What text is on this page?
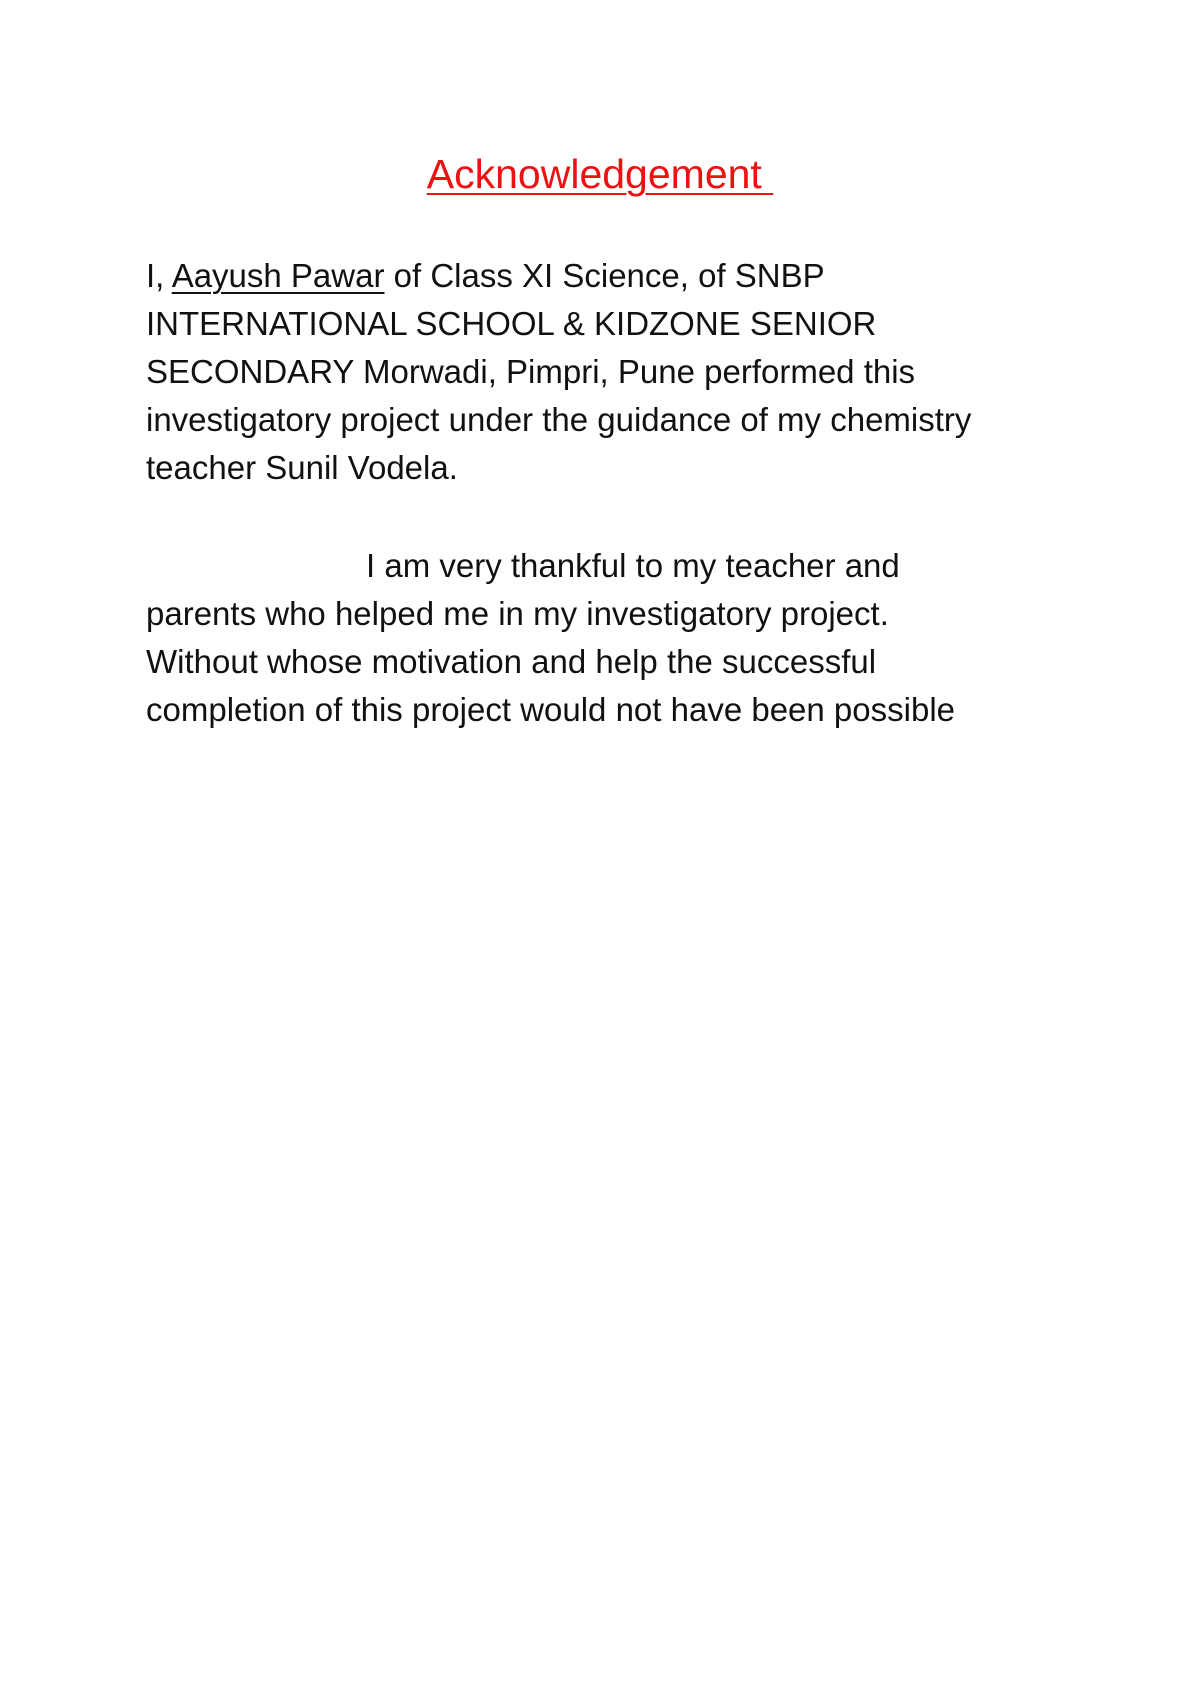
Acknowledgement
I, Aayush Pawar of Class XI Science, of SNBP
INTERNATIONAL SCHOOL & KIDZONE SENIOR
SECONDARY Morwadi, Pimpri, Pune performed this
investigatory project under the guidance of my chemistry
teacher Sunil Vodela.
I am very thankful to my teacher and
parents who helped me in my investigatory project.
Without whose motivation and help the successful
completion of this project would not have been possible
